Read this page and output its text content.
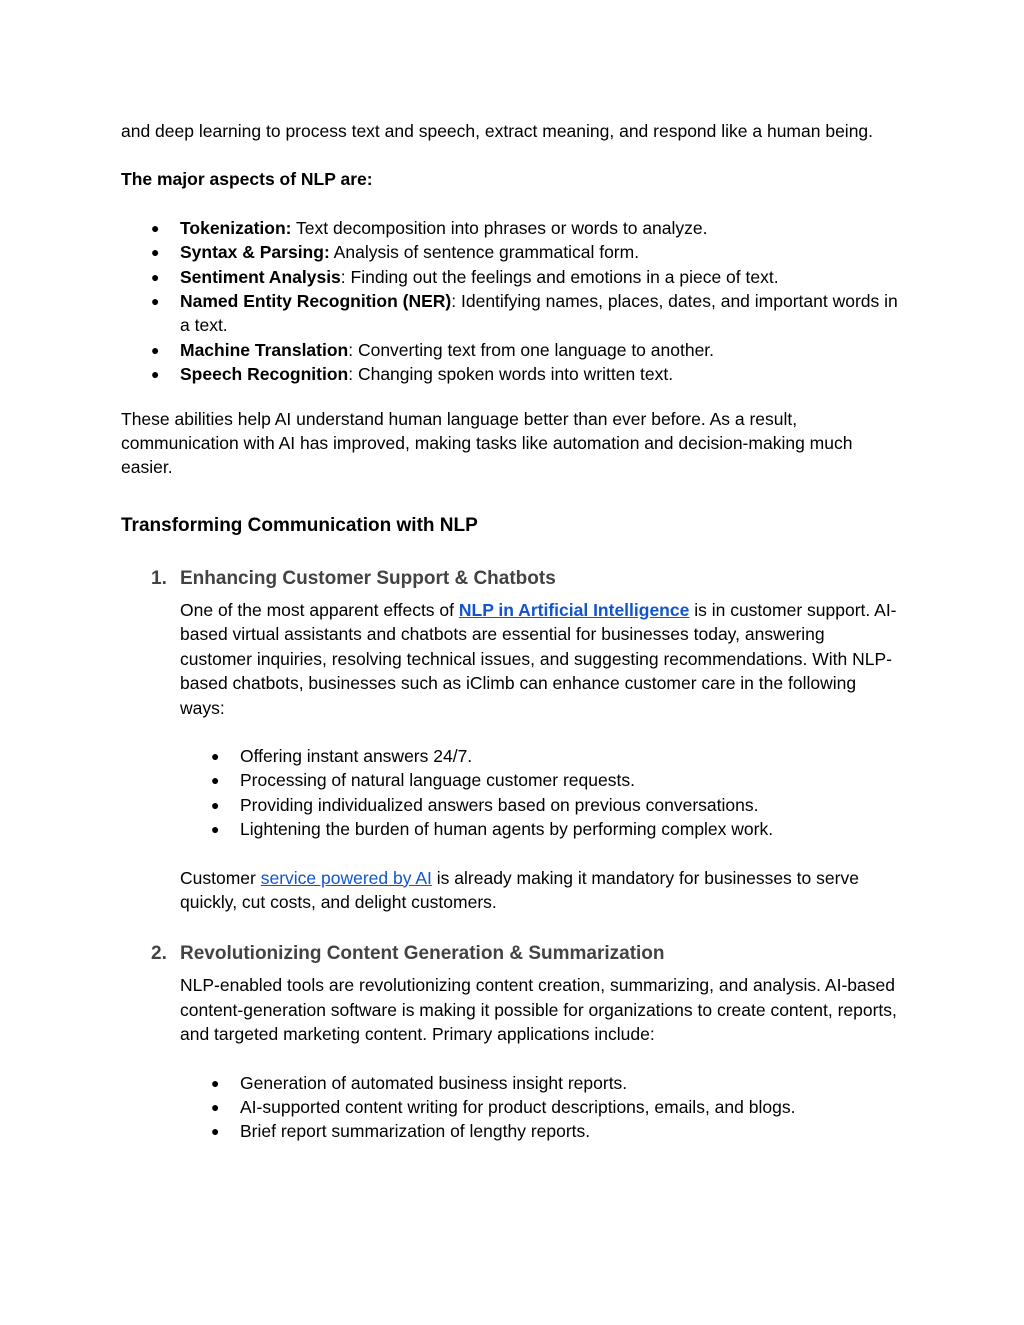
and deep learning to process text and speech, extract meaning, and respond like a human being.

The major aspects of NLP are:

● Tokenization: Text decomposition into phrases or words to analyze.
● Syntax & Parsing: Analysis of sentence grammatical form.
● Sentiment Analysis: Finding out the feelings and emotions in a piece of text.
● Named Entity Recognition (NER): Identifying names, places, dates, and important words in a text.
● Machine Translation: Converting text from one language to another.
● Speech Recognition: Changing spoken words into written text.

These abilities help AI understand human language better than ever before. As a result, communication with AI has improved, making tasks like automation and decision-making much easier.

Transforming Communication with NLP
1. Enhancing Customer Support & Chatbots

One of the most apparent effects of NLP in Artificial Intelligence is in customer support. AI-based virtual assistants and chatbots are essential for businesses today, answering customer inquiries, resolving technical issues, and suggesting recommendations. With NLP-based chatbots, businesses such as iClimb can enhance customer care in the following ways:

● Offering instant answers 24/7.
● Processing of natural language customer requests.
● Providing individualized answers based on previous conversations.
● Lightening the burden of human agents by performing complex work.

Customer service powered by AI is already making it mandatory for businesses to serve quickly, cut costs, and delight customers.

2. Revolutionizing Content Generation & Summarization

NLP-enabled tools are revolutionizing content creation, summarizing, and analysis. AI-based content-generation software is making it possible for organizations to create content, reports, and targeted marketing content. Primary applications include:

● Generation of automated business insight reports.
● AI-supported content writing for product descriptions, emails, and blogs.
● Brief report summarization of lengthy reports.
